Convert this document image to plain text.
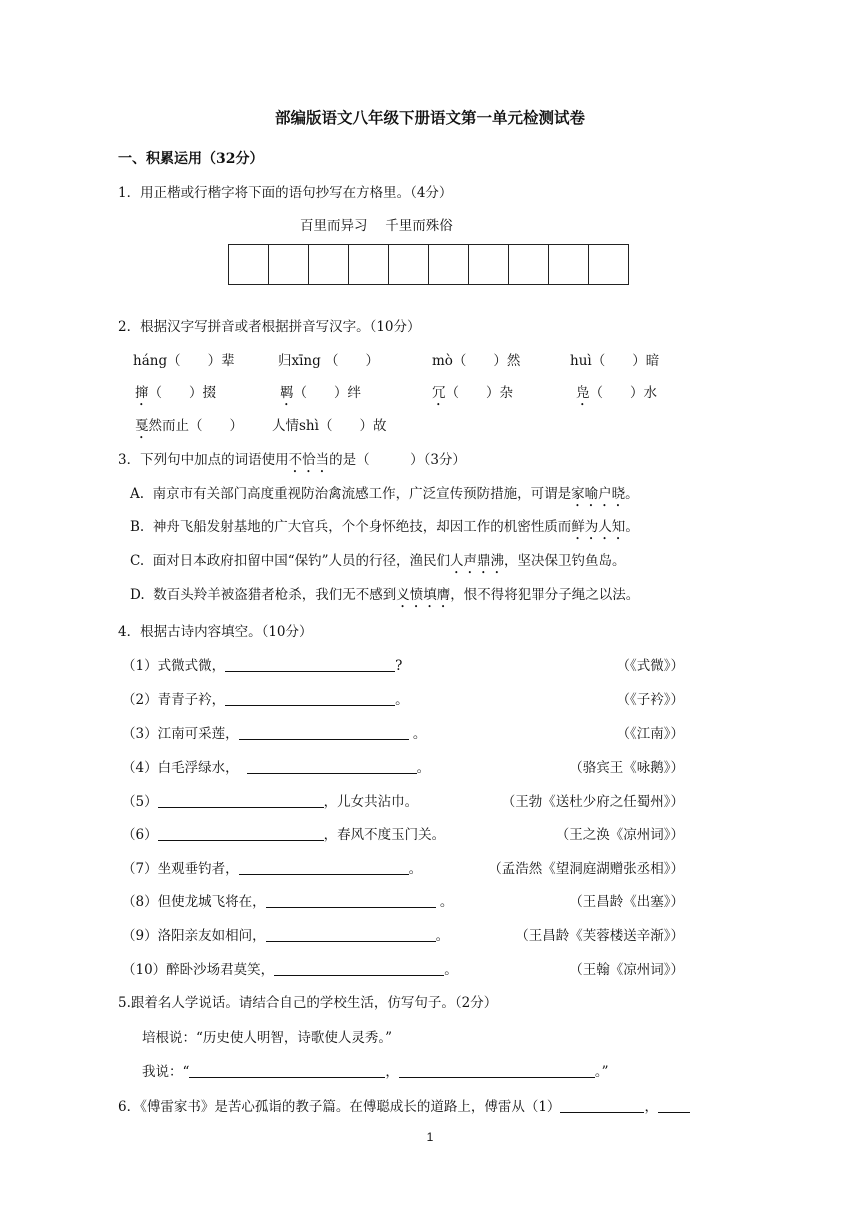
部编版语文八年级下册语文第一单元检测试卷
一、积累运用（32分）
1．用正楷或行楷字将下面的语句抄写在方格里。（4分）
百里而异习　 千里而殊俗
2．根据汉字写拼音或者根据拼音写汉字。（10分）
háng（　　）辈	归xīng （　　）	mò（　　）然	huì（　　）暗
撺（　　）掇	羁（　　）绊	冗（　　）杂	凫（　　）水
戛然而止（　　） 人情shì（　　）故
3．下列句中加点的词语使用不恰当的是（　　　）（3分）
A. 南京市有关部门高度重视防治禽流感工作，广泛宣传预防措施，可谓是家喻户晓。
B. 神舟飞船发射基地的广大官兵，个个身怀绝技，却因工作的机密性质而鲜为人知。
C. 面对日本政府扣留中国“保钓”人员的行径，渔民们人声鼎沸，坚决保卫钓鱼岛。
D. 数百头羚羊被盗猎者枪杀，我们无不感到义愤填膺，恨不得将犯罪分子绳之以法。
4．根据古诗内容填空。（10分）
（1）式微式微，	?	（《式微》）
（2）青青子衿，	。	（《子衿》）
（3）江南可采莲，	。	（《江南》）
（4）白毛浮绿水，	。	（骆宾王《咏鹅》）
（5）	，儿女共沾巾。	（王勃《送杜少府之任蜀州》）
（6）	，春风不度玉门关。	（王之涣《凉州词》）
（7）坐观垂钓者，	。	（孟浩然《望洞庭湖赠张丞相》）
（8）但使龙城飞将在，	。	（王昌龄《出塞》）
（9）洛阳亲友如相问，	。	（王昌龄《芙蓉楼送辛渐》）
（10）醉卧沙场君莫笑，	。	（王翰《凉州词》）
5.跟着名人学说话。请结合自己的学校生活，仿写句子。（2分）
培根说：“历史使人明智，诗歌使人灵秀。”
我说：“	，	。”
6．《傅雷家书》是苦心孤诣的教子篇。在傅聪成长的道路上，傅雷从（1）	，
1
